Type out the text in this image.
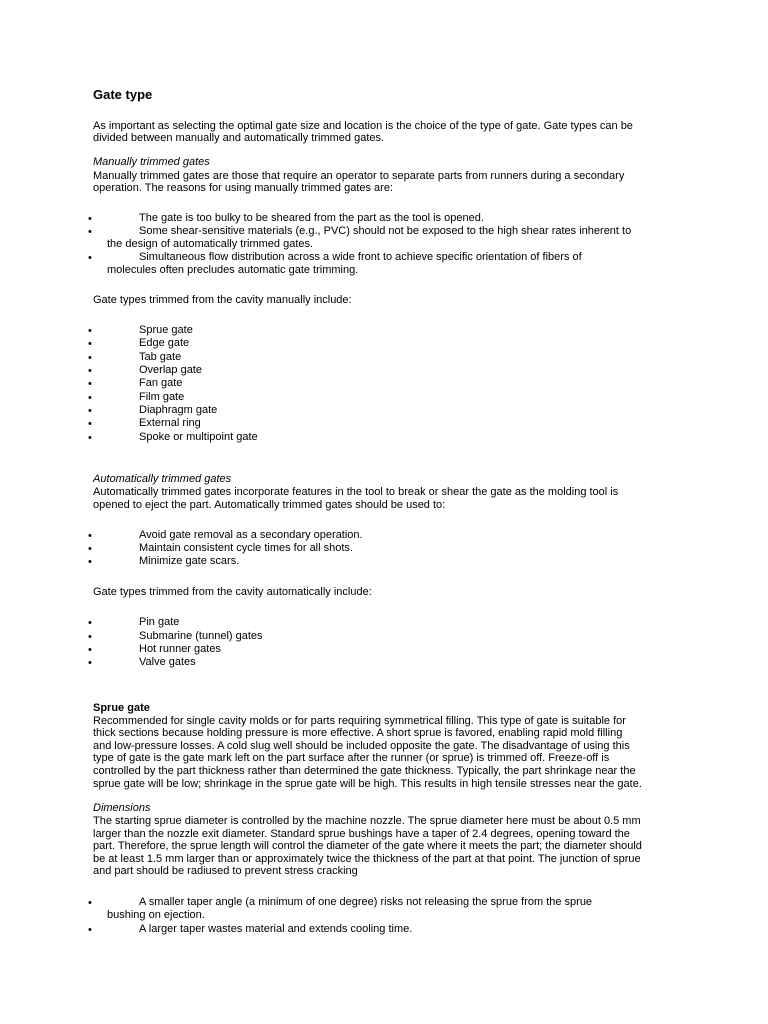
Gate type
As important as selecting the optimal gate size and location is the choice of the type of gate. Gate types can be
divided between manually and automatically trimmed gates.
Manually trimmed gates
Manually trimmed gates are those that require an operator to separate parts from runners during a secondary
operation. The reasons for using manually trimmed gates are:
•
The gate is too bulky to be sheared from the part as the tool is opened.
•
Some shear-sensitive materials (e.g., PVC) should not be exposed to the high shear rates inherent to
the design of automatically trimmed gates.
•
Simultaneous flow distribution across a wide front to achieve specific orientation of fibers of
molecules often precludes automatic gate trimming.
Gate types trimmed from the cavity manually include:
•
Sprue gate
•
Edge gate
•
Tab gate
•
Overlap gate
•
Fan gate
•
Film gate
•
Diaphragm gate
•
External ring
•
Spoke or multipoint gate
Automatically trimmed gates
Automatically trimmed gates incorporate features in the tool to break or shear the gate as the molding tool is
opened to eject the part. Automatically trimmed gates should be used to:
•
Avoid gate removal as a secondary operation.
•
Maintain consistent cycle times for all shots.
•
Minimize gate scars.
Gate types trimmed from the cavity automatically include:
•
Pin gate
•
Submarine (tunnel) gates
•
Hot runner gates
•
Valve gates
Sprue gate
Recommended for single cavity molds or for parts requiring symmetrical filling. This type of gate is suitable for
thick sections because holding pressure is more effective. A short sprue is favored, enabling rapid mold filling
and low-pressure losses. A cold slug well should be included opposite the gate. The disadvantage of using this
type of gate is the gate mark left on the part surface after the runner (or sprue) is trimmed off. Freeze-off is
controlled by the part thickness rather than determined the gate thickness. Typically, the part shrinkage near the
sprue gate will be low; shrinkage in the sprue gate will be high. This results in high tensile stresses near the gate.
Dimensions
The starting sprue diameter is controlled by the machine nozzle. The sprue diameter here must be about 0.5 mm
larger than the nozzle exit diameter. Standard sprue bushings have a taper of 2.4 degrees, opening toward the
part. Therefore, the sprue length will control the diameter of the gate where it meets the part; the diameter should
be at least 1.5 mm larger than or approximately twice the thickness of the part at that point. The junction of sprue
and part should be radiused to prevent stress cracking
•
A smaller taper angle (a minimum of one degree) risks not releasing the sprue from the sprue
bushing on ejection.
•
A larger taper wastes material and extends cooling time.
